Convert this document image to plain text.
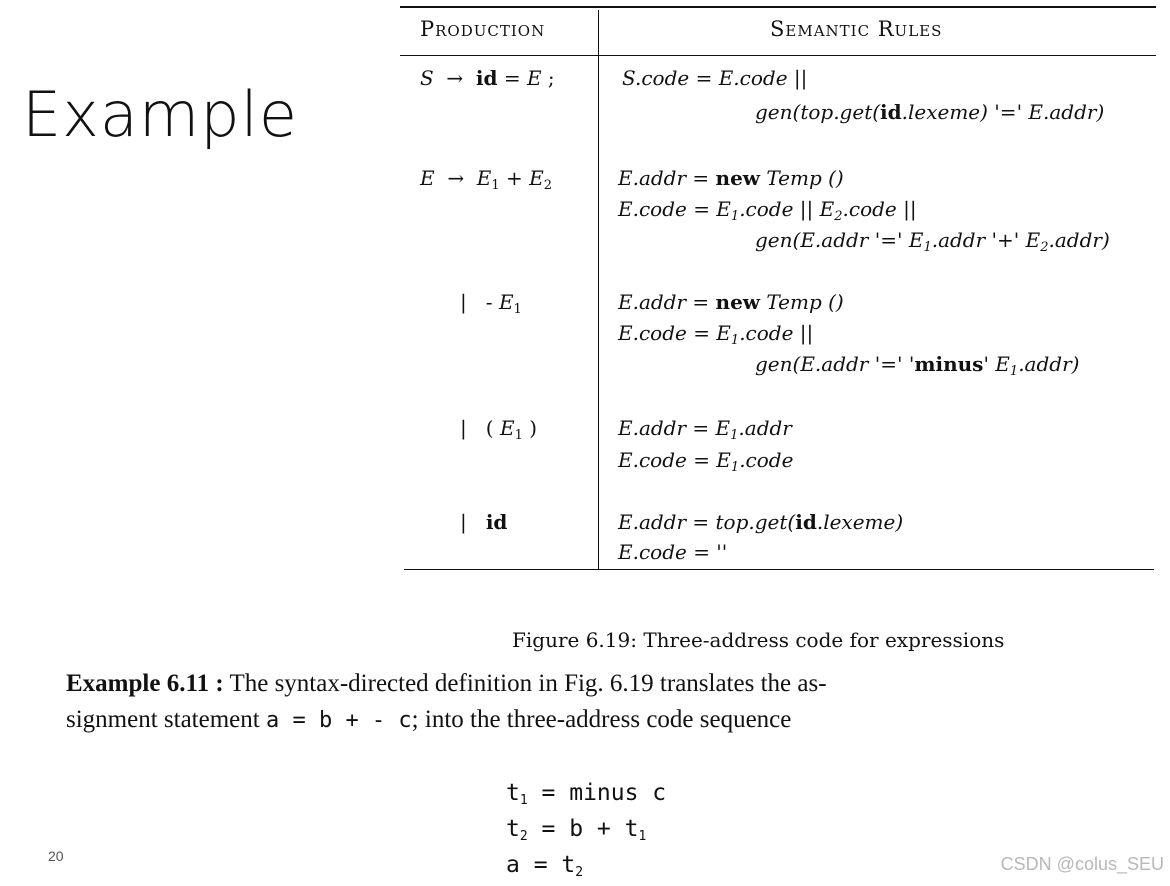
Example
Production	Semantic Rules
S  →  id = E ;	S.code = E.code ||
gen(top.get(id.lexeme) '=' E.addr)
$E \to E_1 + E_2$	E.addr = new Temp ()
E.code = $E_1.code$ || $E_2.code$ ||
gen(E.addr '=' $E_1.addr$ '+' $E_2.addr$)
|   - $E_1$	E.addr = new Temp ()
E.code = $E_1.code$ ||
gen(E.addr '=' 'minus' $E_1.addr$)
|   ( $E_1$ )	E.addr = $E_1.addr$
E.code = $E_1.code$
|   id	E.addr = top.get(id.lexeme)
E.code = ''
Figure 6.19: Three-address code for expressions
Example 6.11 : The syntax-directed definition in Fig. 6.19 translates the as-
signment statement a = b + - c; into the three-address code sequence
$t_1$ = minus c
$t_2 = b + t_1$
$a = t_2$
20	CSDN @colus_SEU
